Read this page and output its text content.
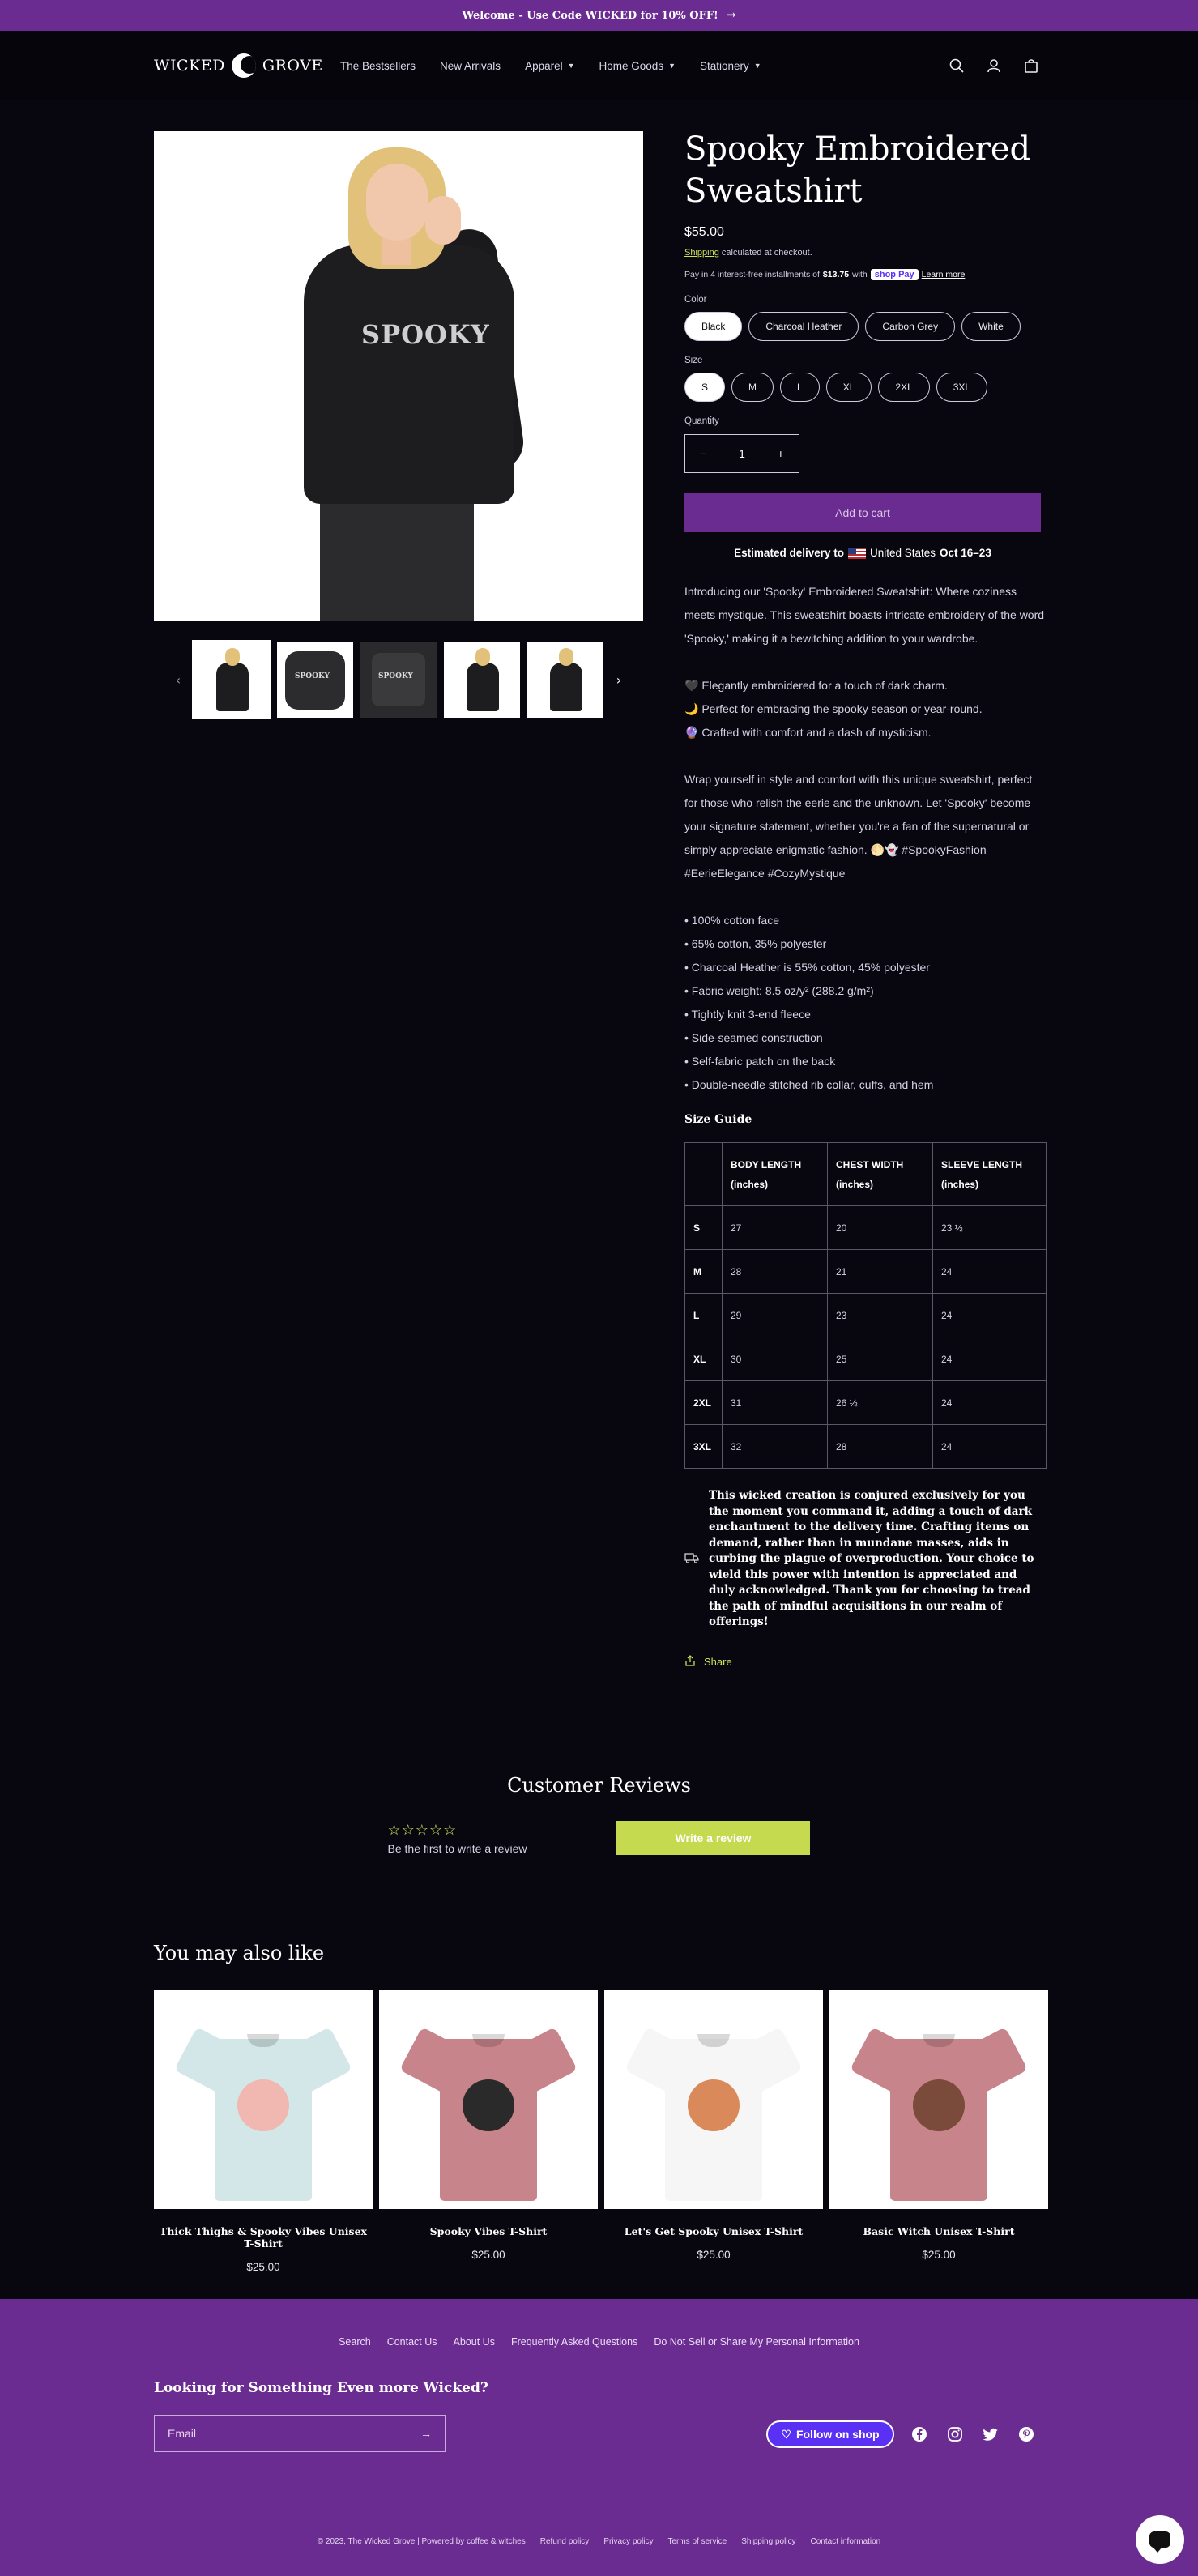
Welcome - Use Code WICKED for 10% OFF! →
WICKED GROVE The Bestsellers New Arrivals Apparel ▼ Home Goods ▼ Stationery ▼
SPOOKY
‹	SPOOKY	SPOOKY	›
Spooky Embroidered Sweatshirt
$55.00
Shipping calculated at checkout.
Pay in 4 interest-free installments of $13.75 with shop Pay Learn more
Color
Black	Charcoal Heather	Carbon Grey	White
Size
S	M	L	XL	2XL	3XL
Quantity
−	1	+
Add to cart
Estimated delivery to United States Oct 16–23

Introducing our 'Spooky' Embroidered Sweatshirt: Where coziness meets mystique. This sweatshirt boasts intricate embroidery of the word 'Spooky,' making it a bewitching addition to your wardrobe.

🖤 Elegantly embroidered for a touch of dark charm.
🌙 Perfect for embracing the spooky season or year-round.
🔮 Crafted with comfort and a dash of mysticism.

Wrap yourself in style and comfort with this unique sweatshirt, perfect for those who relish the eerie and the unknown. Let 'Spooky' become your signature statement, whether you're a fan of the supernatural or simply appreciate enigmatic fashion. 🌕👻 #SpookyFashion #EerieElegance #CozyMystique

• 100% cotton face
• 65% cotton, 35% polyester
• Charcoal Heather is 55% cotton, 45% polyester
• Fabric weight: 8.5 oz/y² (288.2 g/m²)
• Tightly knit 3-end fleece
• Side-seamed construction
• Self-fabric patch on the back
• Double-needle stitched rib collar, cuffs, and hem
Size Guide
	BODY LENGTH (inches)	CHEST WIDTH (inches)	SLEEVE LENGTH (inches)
S	27	20	23 ½
M	28	21	24
L	29	23	24
XL	30	25	24
2XL	31	26 ½	24
3XL	32	28	24

This wicked creation is conjured exclusively for you the moment you command it, adding a touch of dark enchantment to the delivery time. Crafting items on demand, rather than in mundane masses, aids in curbing the plague of overproduction. Your choice to wield this power with intention is appreciated and duly acknowledged. Thank you for choosing to tread the path of mindful acquisitions in our realm of offerings!

Share
Customer Reviews
☆☆☆☆☆
Be the first to write a review
Write a review
You may also like
Thick Thighs & Spooky Vibes Unisex T-Shirt
$25.00
Spooky Vibes T-Shirt
$25.00
Let's Get Spooky Unisex T-Shirt
$25.00
Basic Witch Unisex T-Shirt
$25.00
Search Contact Us About Us Frequently Asked Questions Do Not Sell or Share My Personal Information
Looking for Something Even more Wicked?
Email	→	♡ Follow on shop
© 2023, The Wicked Grove | Powered by coffee & witches Refund policy Privacy policy Terms of service Shipping policy Contact information
